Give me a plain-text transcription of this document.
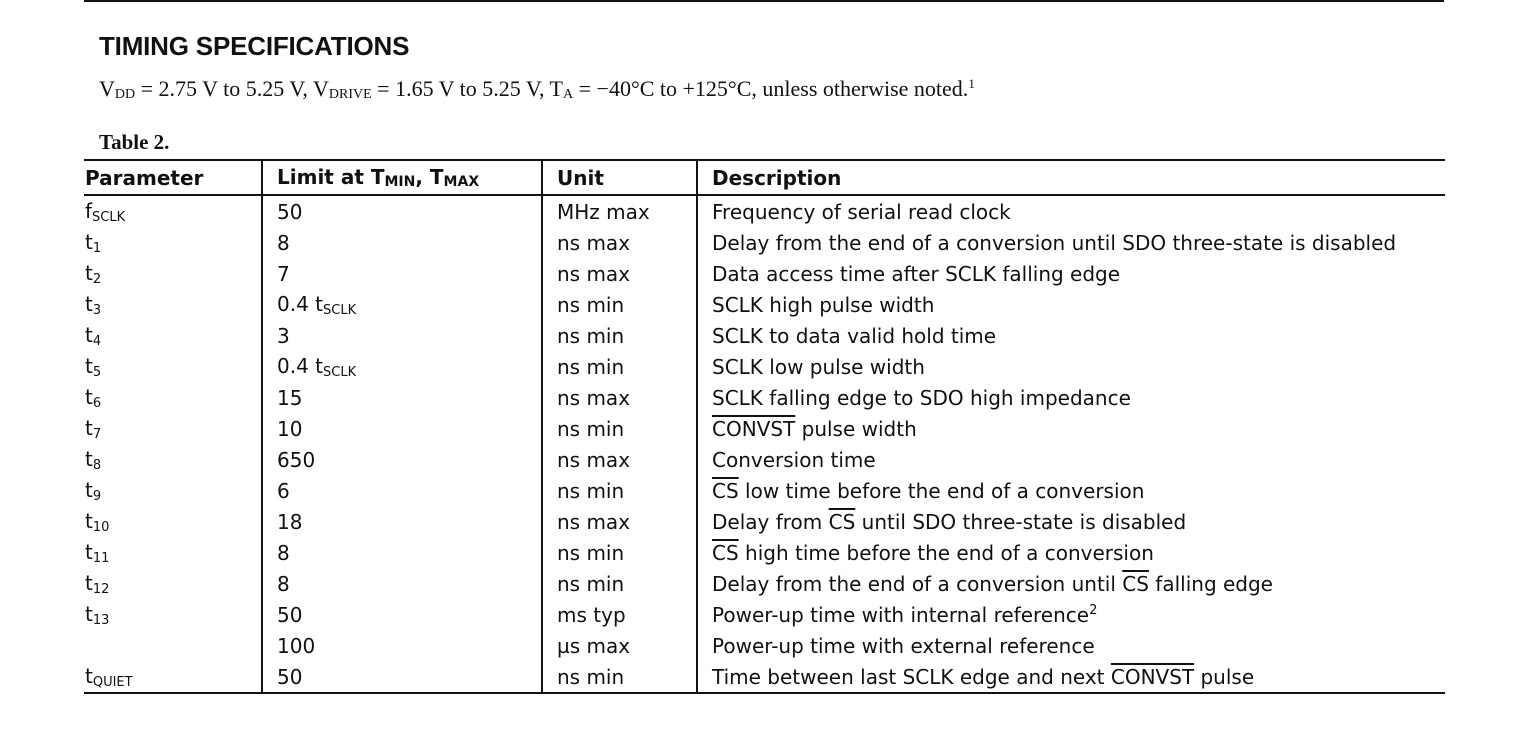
TIMING SPECIFICATIONS
$V_{DD} = 2.75$ V to 5.25 V, $V_{DRIVE} = 1.65$ V to 5.25 V, $T_A = -40^\circ C$ to +125°C, unless otherwise noted.$^1$
Table 2.
Parameter	Limit at TMIN, TMAX	Unit	Description
$f_{SCLK}$	50	MHz max	Frequency of serial read clock
$t_1$	8	ns max	Delay from the end of a conversion until SDO three-state is disabled
$t_2$	7	ns max	Data access time after SCLK falling edge
$t_3$	0.4 $t_{SCLK}$	ns min	SCLK high pulse width
$t_4$	3	ns min	SCLK to data valid hold time
$t_5$	0.4 $t_{SCLK}$	ns min	SCLK low pulse width
$t_6$	15	ns max	SCLK falling edge to SDO high impedance
$t_7$	10	ns min	CONVST pulse width
$t_8$	650	ns max	Conversion time
$t_9$	6	ns min	$\overline{CS}$ low time before the end of a conversion
$t_{10}$	18	ns max	Delay from $\overline{CS}$ until SDO three-state is disabled
$t_{11}$	8	ns min	$\overline{CS}$ high time before the end of a conversion
$t_{12}$	8	ns min	Delay from the end of a conversion until $\overline{CS}$ falling edge
$t_{13}$	50	ms typ	Power-up time with internal reference$^2$
	100	µs max	Power-up time with external reference
$t_{QUIET}$	50	ns min	Time between last SCLK edge and next CONVST pulse
